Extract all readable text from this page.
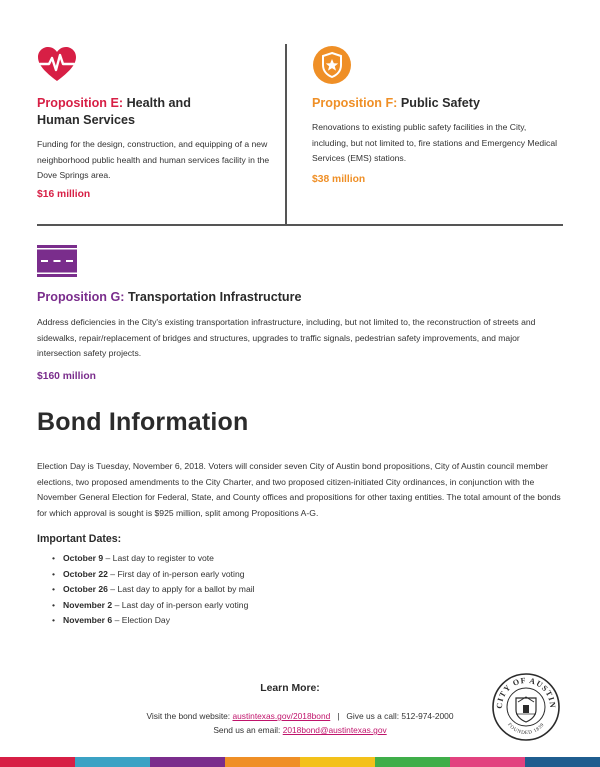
Proposition E: Health and
Human Services
Funding for the design, construction, and equipping of a new neighborhood public health and human services facility in the Dove Springs area.
$16 million
Proposition F: Public Safety
Renovations to existing public safety facilities in the City, including, but not limited to, fire stations and Emergency Medical Services (EMS) stations.
$38 million
Proposition G: Transportation Infrastructure
Address deficiencies in the City's existing transportation infrastructure, including, but not limited to, the reconstruction of streets and sidewalks, repair/replacement of bridges and structures, upgrades to traffic signals, pedestrian safety improvements, and major intersection safety projects.
$160 million
Bond Information
Election Day is Tuesday, November 6, 2018. Voters will consider seven City of Austin bond propositions, City of Austin council member elections, two proposed amendments to the City Charter, and two proposed citizen-initiated City ordinances, in conjunction with the November General Election for Federal, State, and County offices and propositions for other taxing entities. The total amount of the bonds for which approval is sought is $925 million, split among Propositions A-G.
Important Dates:
• October 9 – Last day to register to vote
• October 22 – First day of in-person early voting
• October 26 – Last day to apply for a ballot by mail
• November 2 – Last day of in-person early voting
• November 6 – Election Day
Learn More:
Visit the bond website: austintexas.gov/2018bond | Give us a call: 512-974-2000
Send us an email: 2018bond@austintexas.gov
CITY OF AUSTIN
FOUNDED 1839
